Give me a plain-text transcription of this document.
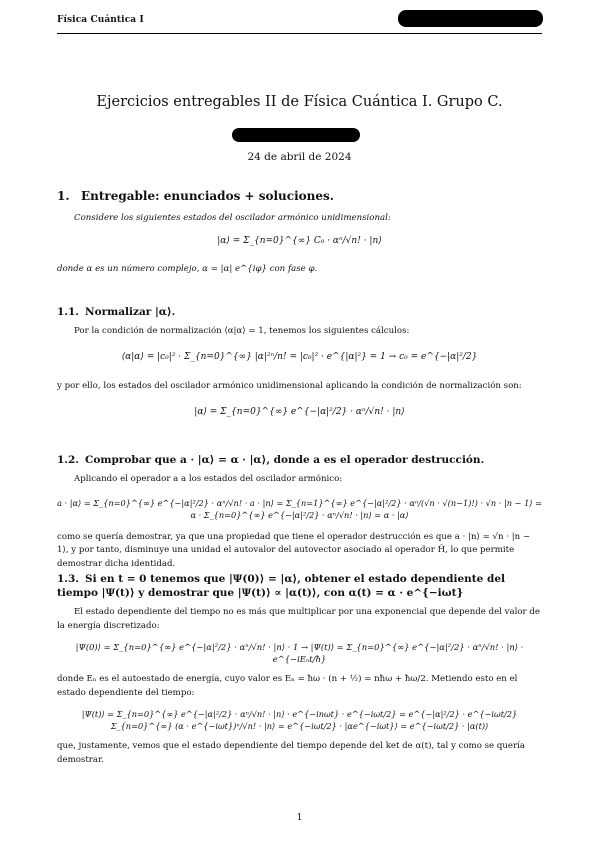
Física Cuántica I
Ejercicios entregables II de Física Cuántica I. Grupo C.
24 de abril de 2024
1. Entregable: enunciados + soluciones.
Considere los siguientes estados del oscilador armónico unidimensional:
|α⟩ = Σ_{n=0}^{∞} C₀ · αⁿ/√n! · |n⟩
donde α es un número complejo, α = |α| e^{iφ} con fase φ.
1.1. Normalizar |α⟩.
Por la condición de normalización ⟨α|α⟩ = 1, tenemos los siguientes cálculos:
⟨α|α⟩ = |c₀|² · Σ_{n=0}^{∞} |α|²ⁿ/n! = |c₀|² · e^{|α|²} = 1 → c₀ = e^{−|α|²/2}
y por ello, los estados del oscilador armónico unidimensional aplicando la condición de normalización son:
|α⟩ = Σ_{n=0}^{∞} e^{−|α|²/2} · αⁿ/√n! · |n⟩
1.2. Comprobar que a · |α⟩ = α · |α⟩, donde a es el operador destrucción.
Aplicando el operador a a los estados del oscilador armónico:
a · |α⟩ = Σ_{n=0}^{∞} e^{−|α|²/2} · αⁿ/√n! · a · |n⟩ = Σ_{n=1}^{∞} e^{−|α|²/2} · αⁿ/(√n · √(n−1)!) · √n · |n − 1⟩ = α · Σ_{n=0}^{∞} e^{−|α|²/2} · αⁿ/√n! · |n⟩ = α · |α⟩
como se quería demostrar, ya que una propiedad que tiene el operador destrucción es que a · |n⟩ = √n · |n − 1⟩, y por tanto, disminuye una unidad el autovalor del autovector asociado al operador Ĥ, lo que permite demostrar dicha identidad.
1.3. Si en t = 0 tenemos que |Ψ(0)⟩ = |α⟩, obtener el estado dependiente del tiempo |Ψ(t)⟩ y demostrar que |Ψ(t)⟩ ∝ |α(t)⟩, con α(t) = α · e^{−iωt}
El estado dependiente del tiempo no es más que multiplicar por una exponencial que depende del valor de la energía discretizado:
|Ψ(0)⟩ = Σ_{n=0}^{∞} e^{−|α|²/2} · αⁿ/√n! · |n⟩ · 1 → |Ψ(t)⟩ = Σ_{n=0}^{∞} e^{−|α|²/2} · αⁿ/√n! · |n⟩ · e^{−iEₙt/ħ}
donde Eₙ es el autoestado de energía, cuyo valor es Eₙ = ħω · (n + ½) = nħω + ħω/2. Metiendo esto en el estado dependiente del tiempo:
|Ψ(t)⟩ = Σ_{n=0}^{∞} e^{−|α|²/2} · αⁿ/√n! · |n⟩ · e^{−inωt} · e^{−iωt/2} = e^{−|α|²/2} · e^{−iωt/2} Σ_{n=0}^{∞} (α · e^{−iωt})ⁿ/√n! · |n⟩ = e^{−iωt/2} · |αe^{−iωt}⟩ = e^{−iωt/2} · |α(t)⟩
que, justamente, vemos que el estado dependiente del tiempo depende del ket de α(t), tal y como se quería demostrar.
1
